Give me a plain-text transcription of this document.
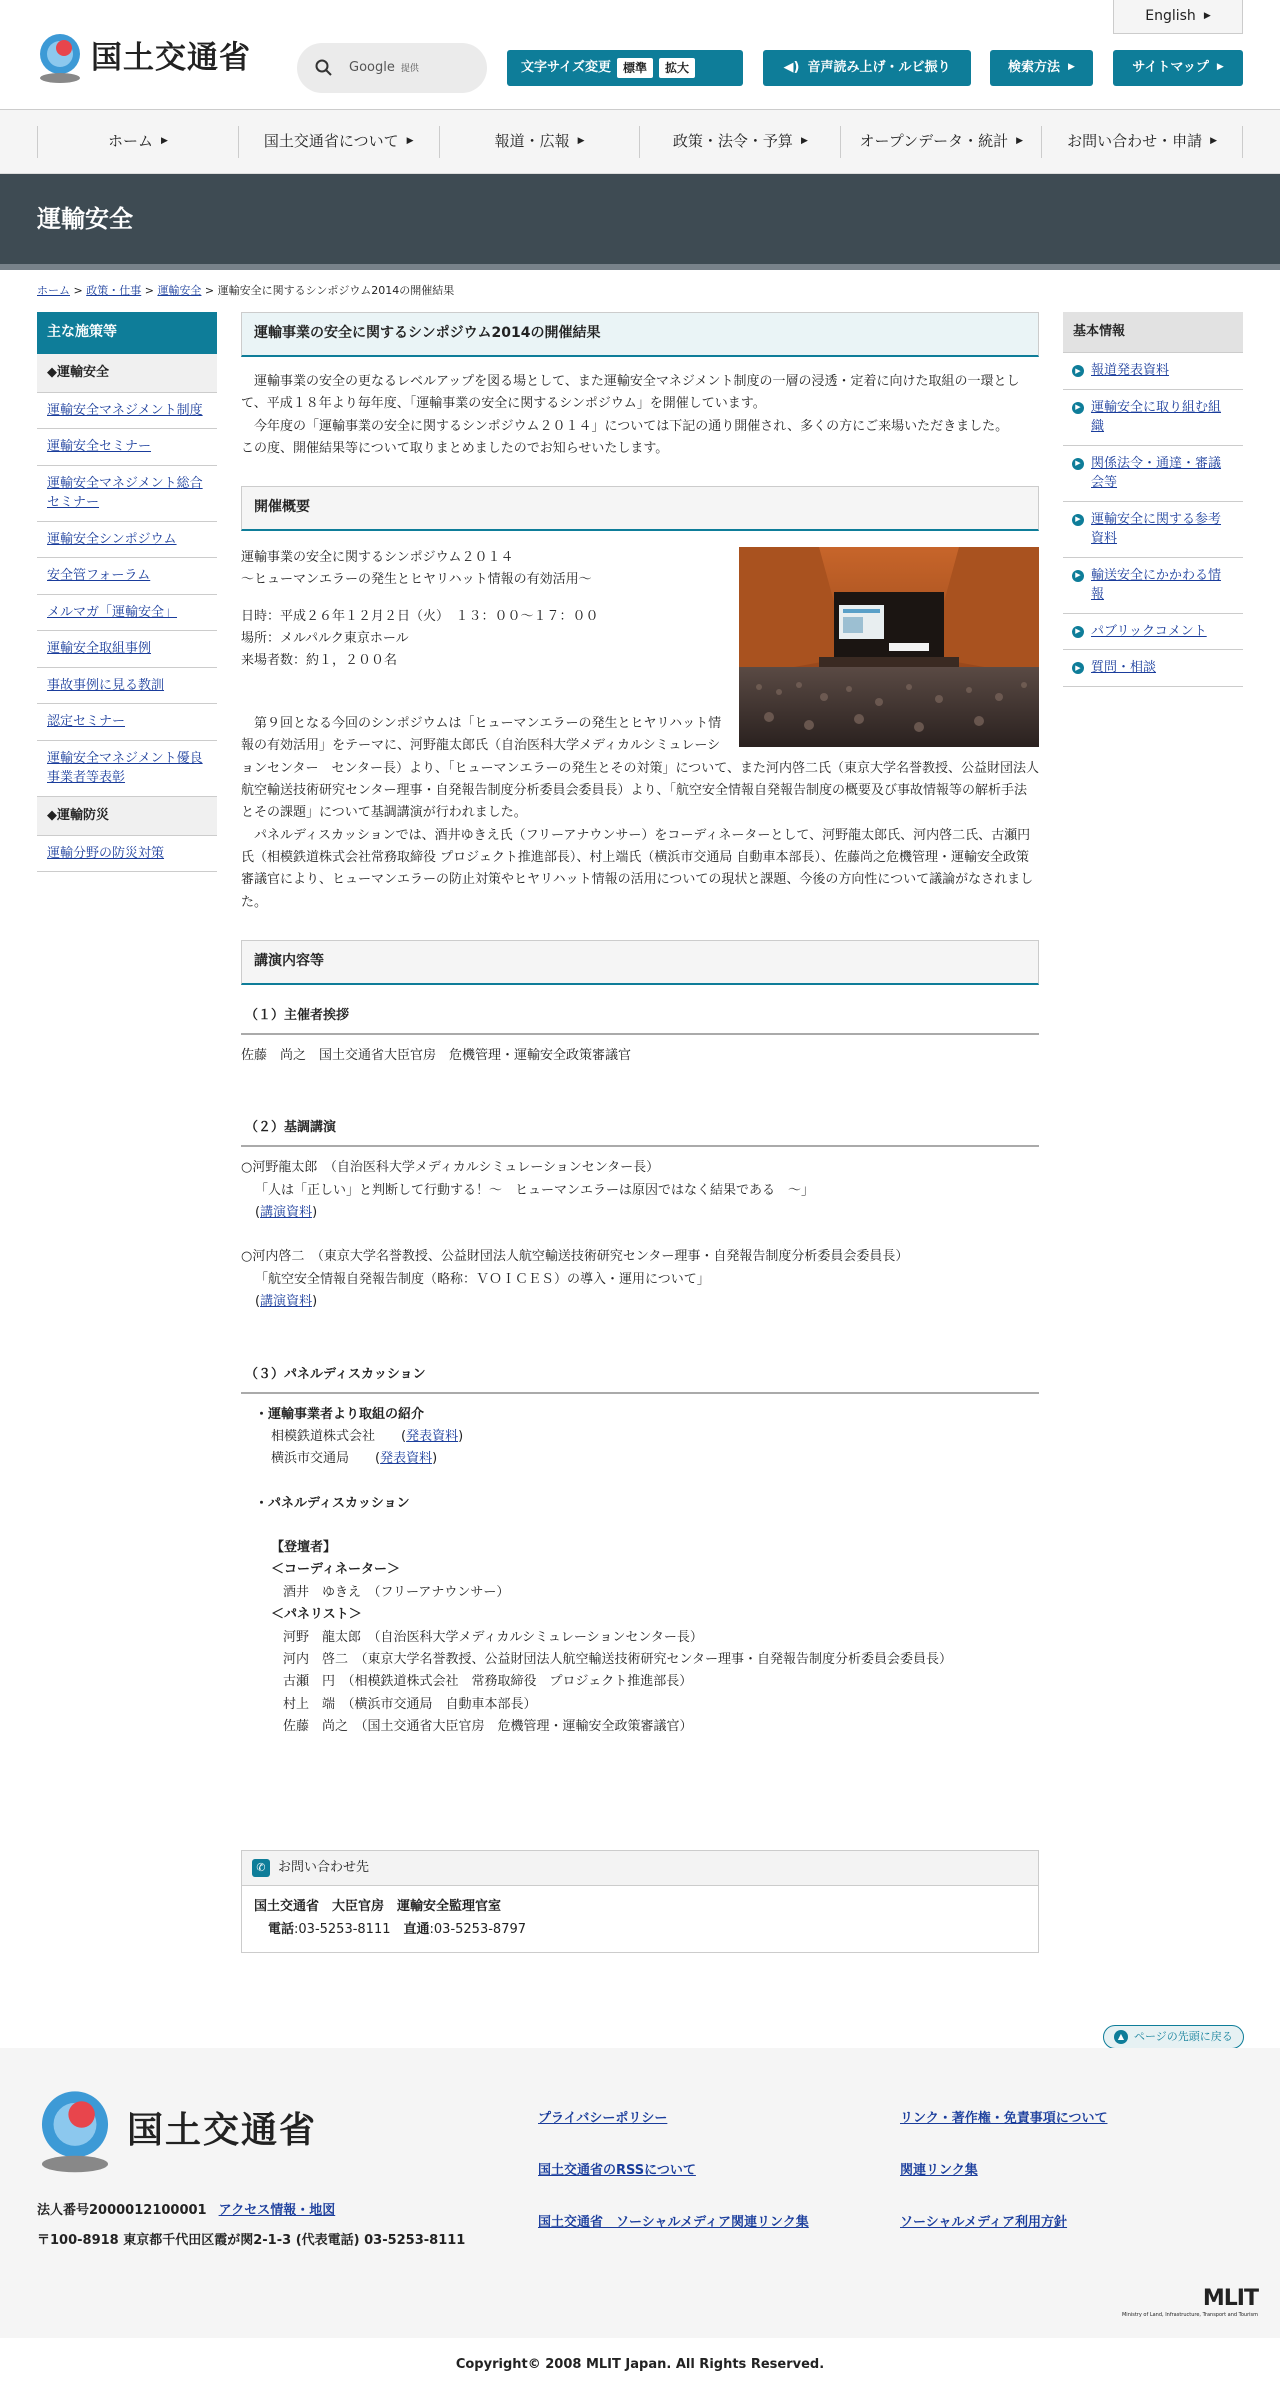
国土交通省	Google 提供	文字サイズ変更	標準	拡大	◀) 音声読み上げ・ルビ振り	検索方法 ▶	サイトマップ ▶
English ▶
ホーム ▶	国土交通省について ▶	報道・広報 ▶	政策・法令・予算 ▶	オープンデータ・統計 ▶	お問い合わせ・申請 ▶
運輸安全
ホーム > 政策・仕事 > 運輸安全 > 運輸安全に関するシンポジウム2014の開催結果
主な施策等
◆運輸安全
運輸安全マネジメント制度
運輸安全セミナー
運輸安全マネジメント総合セミナー
運輸安全シンポジウム
安全管フォーラム
メルマガ「運輸安全」
運輸安全取組事例
事故事例に見る教訓
認定セミナー
運輸安全マネジメント優良事業者等表彰
◆運輸防災
運輸分野の防災対策
基本情報
▶ 報道発表資料
▶ 運輸安全に取り組む組織
▶ 関係法令・通達・審議会等
▶ 運輸安全に関する参考資料
▶ 輸送安全にかかわる情報
▶ パブリックコメント
▶ 質問・相談
運輸事業の安全に関するシンポジウム2014の開催結果

　運輸事業の安全の更なるレベルアップを図る場として、また運輸安全マネジメント制度の一層の浸透・定着に向けた取組の一環として、平成１８年より毎年度、「運輸事業の安全に関するシンポジウム」を開催しています。

　今年度の「運輸事業の安全に関するシンポジウム２０１４」については下記の通り開催され、多くの方にご来場いただきました。

この度、開催結果等について取りまとめましたのでお知らせいたします。

開催概要

運輸事業の安全に関するシンポジウム２０１４

～ヒューマンエラーの発生とヒヤリハット情報の有効活用～

日時：平成２６年１２月２日（火）　１３：００～１７：００

場所：メルパルク東京ホール

来場者数：約１，２００名

　第９回となる今回のシンポジウムは「ヒューマンエラーの発生とヒヤリハット情報の有効活用」をテーマに、河野龍太郎氏（自治医科大学メディカルシミュレーションセンター　センター長）より、「ヒューマンエラーの発生とその対策」について、また河内啓二氏（東京大学名誉教授、公益財団法人航空輸送技術研究センター理事・自発報告制度分析委員会委員長）より、「航空安全情報自発報告制度の概要及び事故情報等の解析手法とその課題」について基調講演が行われました。

　パネルディスカッションでは、酒井ゆきえ氏（フリーアナウンサー）をコーディネーターとして、河野龍太郎氏、河内啓二氏、古瀬円氏（相模鉄道株式会社常務取締役 プロジェクト推進部長）、村上端氏（横浜市交通局 自動車本部長）、佐藤尚之危機管理・運輸安全政策審議官により、ヒューマンエラーの防止対策やヒヤリハット情報の活用についての現状と課題、今後の方向性について議論がなされました。

講演内容等
（１）主催者挨拶
佐藤　尚之　国土交通省大臣官房　危機管理・運輸安全政策審議官
（２）基調講演

○河野龍太郎　（自治医科大学メディカルシミュレーションセンター長）

「人は「正しい」と判断して行動する！～　ヒューマンエラーは原因ではなく結果である　～」

(講演資料)

○河内啓二　（東京大学名誉教授、公益財団法人航空輸送技術研究センター理事・自発報告制度分析委員会委員長）

「航空安全情報自発報告制度（略称：ＶＯＩＣＥＳ）の導入・運用について」

(講演資料)

（３）パネルディスカッション

・運輸事業者より取組の紹介

相模鉄道株式会社　　(発表資料)

横浜市交通局　　(発表資料)

・パネルディスカッション

【登壇者】

＜コーディネーター＞

酒井　ゆきえ　（フリーアナウンサー）

＜パネリスト＞

河野　龍太郎　（自治医科大学メディカルシミュレーションセンター長）

河内　啓二　（東京大学名誉教授、公益財団法人航空輸送技術研究センター理事・自発報告制度分析委員会委員長）

古瀬　円　（相模鉄道株式会社　常務取締役　プロジェクト推進部長）

村上　端　（横浜市交通局　自動車本部長）

佐藤　尚之　（国土交通省大臣官房　危機管理・運輸安全政策審議官）

✆ お問い合わせ先
国土交通省　大臣官房　運輸安全監理官室
電話:03-5253-8111　 直通:03-5253-8797
▲ ページの先頭に戻る
国土交通省	プライバシーポリシー	リンク・著作権・免責事項について
国土交通省のRSSについて	関連リンク集
国土交通省　ソーシャルメディア関連リンク集	ソーシャルメディア利用方針
法人番号2000012100001 アクセス情報・地図
〒100-8918 東京都千代田区霞が関2-1-3 (代表電話) 03-5253-8111
MLIT
Ministry of Land, Infrastructure, Transport and Tourism
Copyright© 2008 MLIT Japan. All Rights Reserved.
